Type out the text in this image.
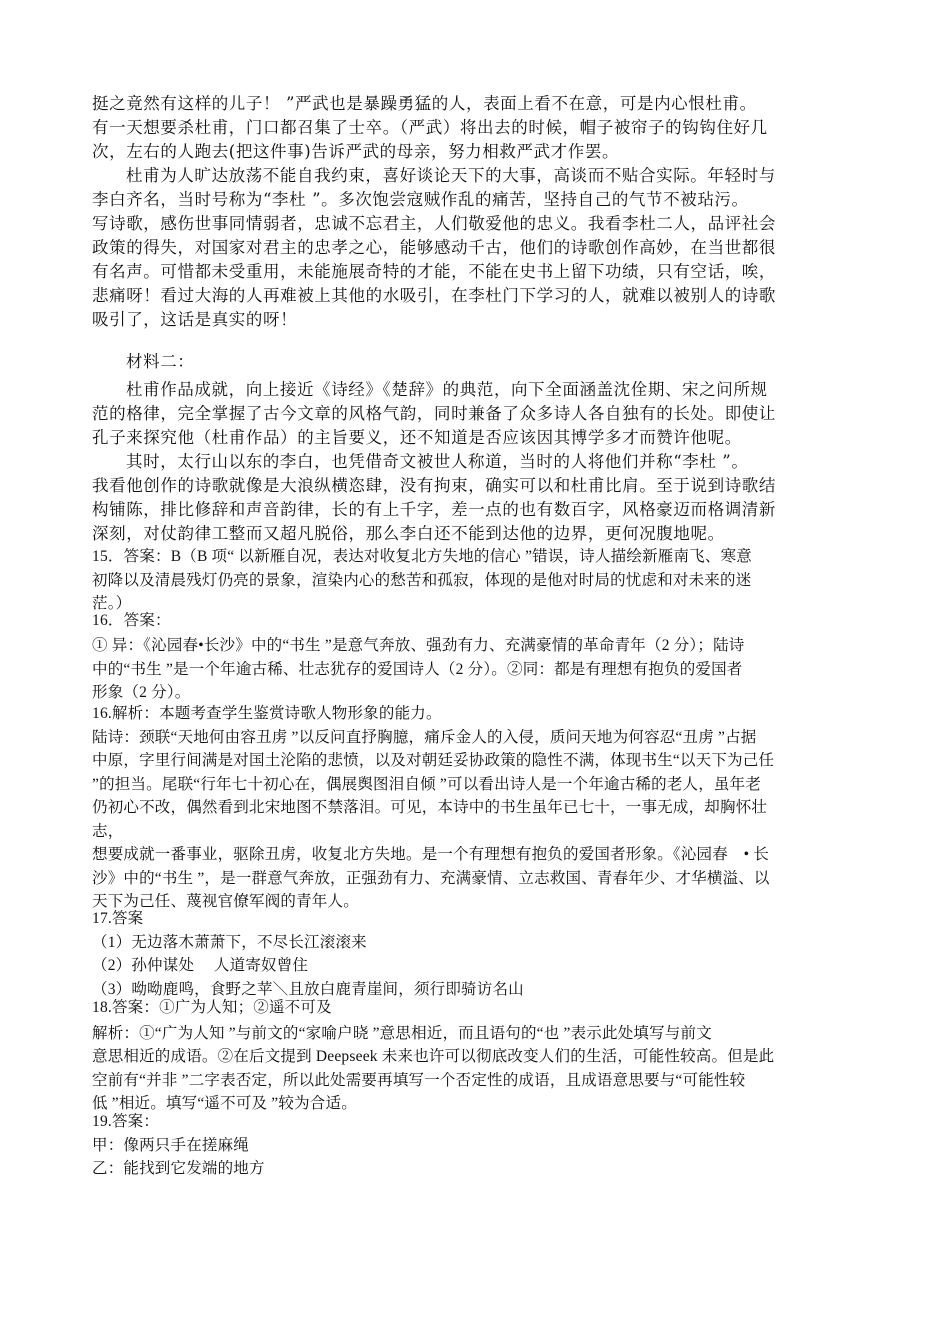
挺之竟然有这样的儿子！ ”严武也是暴躁勇猛的人，表面上看不在意，可是内心恨杜甫。
有一天想要杀杜甫，门口都召集了士卒。（严武）将出去的时候，帽子被帘子的钩钩住好几
次，左右的人跑去(把这件事)告诉严武的母亲，努力相救严武才作罢。
杜甫为人旷达放荡不能自我约束，喜好谈论天下的大事，高谈而不贴合实际。年轻时与
李白齐名，当时号称为“李杜 ”。多次饱尝寇贼作乱的痛苦，坚持自己的气节不被玷污。
写诗歌，感伤世事同情弱者，忠诚不忘君主，人们敬爱他的忠义。我看李杜二人，品评社会
政策的得失，对国家对君主的忠孝之心，能够感动千古，他们的诗歌创作高妙，在当世都很
有名声。可惜都未受重用，未能施展奇特的才能，不能在史书上留下功绩，只有空话，唉，
悲痛呀！看过大海的人再难被上其他的水吸引，在李杜门下学习的人，就难以被别人的诗歌
吸引了，这话是真实的呀！
材料二：
杜甫作品成就，向上接近《诗经》《楚辞》的典范，向下全面涵盖沈佺期、宋之问所规
范的格律，完全掌握了古今文章的风格气韵，同时兼备了众多诗人各自独有的长处。即使让
孔子来探究他（杜甫作品）的主旨要义，还不知道是否应该因其博学多才而赞许他呢。
其时，太行山以东的李白，也凭借奇文被世人称道，当时的人将他们并称“李杜 ”。
我看他创作的诗歌就像是大浪纵横恣肆，没有拘束，确实可以和杜甫比肩。至于说到诗歌结
构铺陈，排比修辞和声音韵律，长的有上千字，差一点的也有数百字，风格豪迈而格调清新
深刻，对仗韵律工整而又超凡脱俗，那么李白还不能到达他的边界，更何况腹地呢。
15．答案：B（B 项“ 以新雁自况，表达对收复北方失地的信心 ”错误，诗人描绘新雁南飞、寒意
初降以及清晨残灯仍亮的景象，渲染内心的愁苦和孤寂，体现的是他对时局的忧虑和对未来的迷
茫。）
16．答案：
① 异：《沁园春•长沙》中的“书生 ”是意气奔放、强劲有力、充满豪情的革命青年（2 分）；陆诗
中的“书生 ”是一个年逾古稀、壮志犹存的爱国诗人（2 分）。②同：都是有理想有抱负的爱国者
形象（2 分）。
16.解析：本题考查学生鉴赏诗歌人物形象的能力。
陆诗：颈联“天地何由容丑虏 ”以反问直抒胸臆，痛斥金人的入侵，质问天地为何容忍“丑虏 ”占据
中原，字里行间满是对国土沦陷的悲愤，以及对朝廷妥协政策的隐性不满，体现书生“以天下为己任
”的担当。尾联“行年七十初心在，偶展舆图泪自倾 ”可以看出诗人是一个年逾古稀的老人，虽年老
仍初心不改，偶然看到北宋地图不禁落泪。可见，本诗中的书生虽年已七十，一事无成，却胸怀壮
志，
想要成就一番事业，驱除丑虏，收复北方失地。是一个有理想有抱负的爱国者形象。《沁园春　• 长
沙》中的“书生 ”，是一群意气奔放，正强劲有力、充满豪情、立志救国、青春年少、才华横溢、以
天下为己任、蔑视官僚军阀的青年人。
17.答案
（1）无边落木萧萧下，不尽长江滚滚来
（2）孙仲谋处　 人道寄奴曾住
（3）呦呦鹿鸣，食野之苹＼且放白鹿青崖间，须行即骑访名山
18.答案：①广为人知；②遥不可及
解析：①“广为人知 ”与前文的“家喻户晓 ”意思相近，而且语句的“也 ”表示此处填写与前文
意思相近的成语。②在后文提到 Deepseek 未来也许可以彻底改变人们的生活，可能性较高。但是此
空前有“并非 ”二字表否定，所以此处需要再填写一个否定性的成语，且成语意思要与“可能性较
低 ”相近。填写“遥不可及 ”较为合适。
19.答案：
甲：像两只手在搓麻绳
乙：能找到它发端的地方
